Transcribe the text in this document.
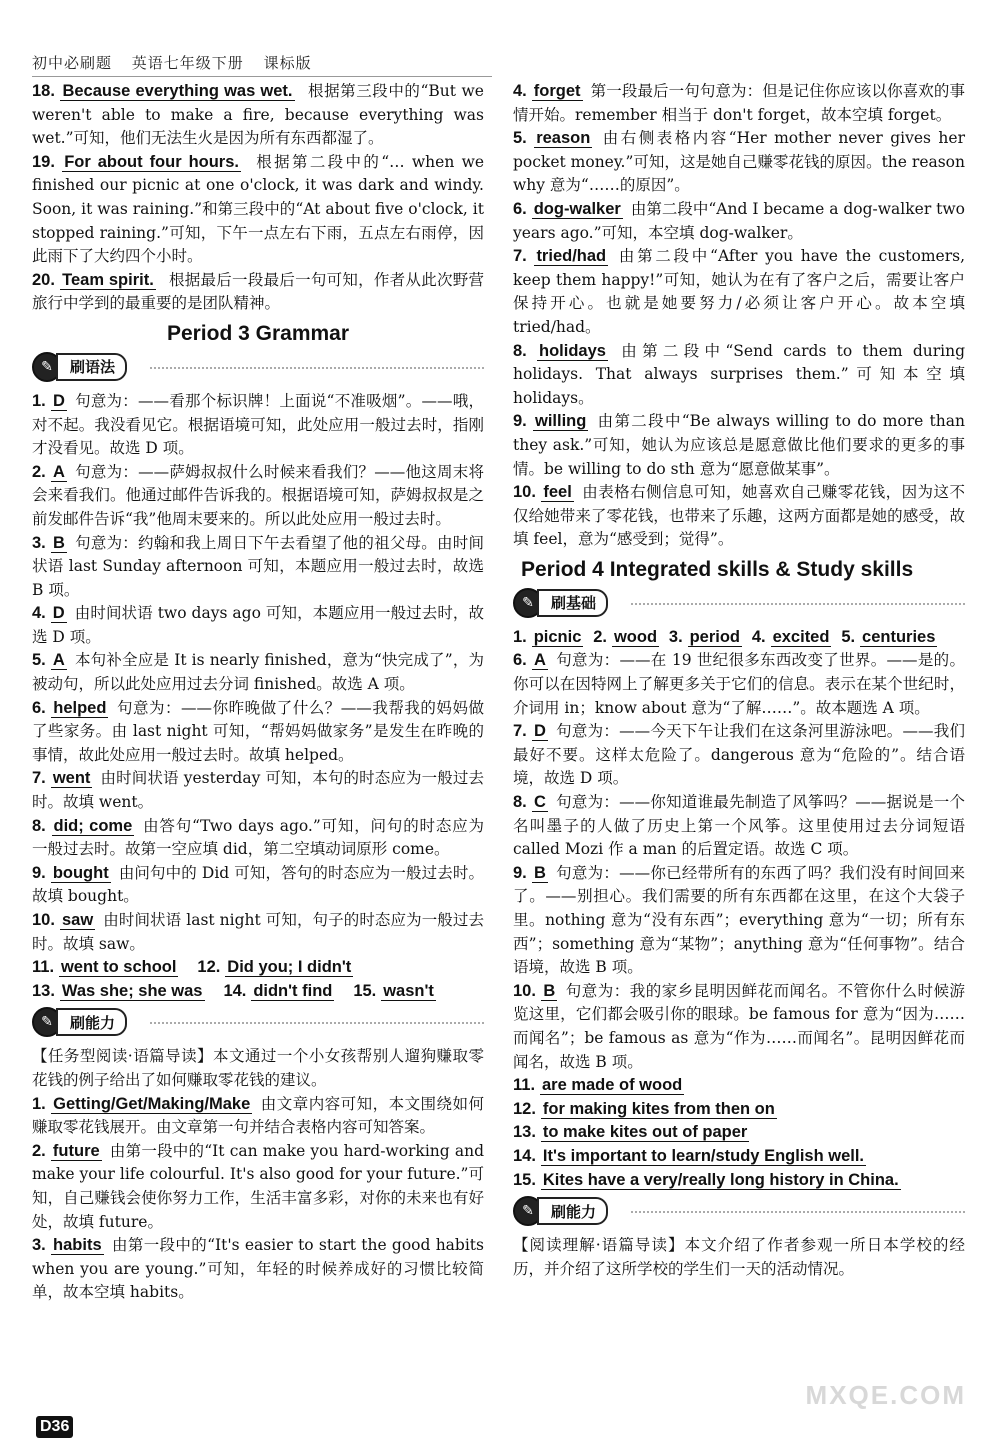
初中必刷题 英语七年级下册 课标版
18. Because everything was wet. 根据第三段中的“But we weren't able to make a fire, because everything was wet.”可知，他们无法生火是因为所有东西都湿了。
19. For about four hours. 根据第二段中的“… when we finished our picnic at one o'clock, it was dark and windy. Soon, it was raining.”和第三段中的“At about five o'clock, it stopped raining.”可知，下午一点左右下雨，五点左右雨停，因此雨下了大约四个小时。
20. Team spirit. 根据最后一段最后一句可知，作者从此次野营旅行中学到的最重要的是团队精神。
Period 3 Grammar
✎	刷语法
1. D 句意为：——看那个标识牌！上面说“不准吸烟”。——哦，对不起。我没看见它。根据语境可知，此处应用一般过去时，指刚才没看见。故选 D 项。
2. A 句意为：——萨姆叔叔什么时候来看我们？——他这周末将会来看我们。他通过邮件告诉我的。根据语境可知，萨姆叔叔是之前发邮件告诉“我”他周末要来的。所以此处应用一般过去时。
3. B 句意为：约翰和我上周日下午去看望了他的祖父母。由时间状语 last Sunday afternoon 可知，本题应用一般过去时，故选 B 项。
4. D 由时间状语 two days ago 可知，本题应用一般过去时，故选 D 项。
5. A 本句补全应是 It is nearly finished，意为“快完成了”，为被动句，所以此处应用过去分词 finished。故选 A 项。
6. helped 句意为：——你昨晚做了什么？——我帮我的妈妈做了些家务。由 last night 可知，“帮妈妈做家务”是发生在昨晚的事情，故此处应用一般过去时。故填 helped。
7. went 由时间状语 yesterday 可知，本句的时态应为一般过去时。故填 went。
8. did; come 由答句“Two days ago.”可知，问句的时态应为一般过去时。故第一空应填 did，第二空填动词原形 come。
9. bought 由问句中的 Did 可知，答句的时态应为一般过去时。故填 bought。
10. saw 由时间状语 last night 可知，句子的时态应为一般过去时。故填 saw。
11. went to school 12. Did you; I didn't
13. Was she; she was 14. didn't find 15. wasn't
✎	刷能力
【任务型阅读·语篇导读】本文通过一个小女孩帮别人遛狗赚取零花钱的例子给出了如何赚取零花钱的建议。
1. Getting/Get/Making/Make 由文章内容可知，本文围绕如何赚取零花钱展开。由文章第一句并结合表格内容可知答案。
2. future 由第一段中的“It can make you hard-working and make your life colourful. It's also good for your future.”可知，自己赚钱会使你努力工作，生活丰富多彩，对你的未来也有好处，故填 future。
3. habits 由第一段中的“It's easier to start the good habits when you are young.”可知，年轻的时候养成好的习惯比较简单，故本空填 habits。
4. forget 第一段最后一句句意为：但是记住你应该以你喜欢的事情开始。remember 相当于 don't forget，故本空填 forget。
5. reason 由右侧表格内容“Her mother never gives her pocket money.”可知，这是她自己赚零花钱的原因。the reason why 意为“……的原因”。
6. dog-walker 由第二段中“And I became a dog-walker two years ago.”可知，本空填 dog-walker。
7. tried/had 由第二段中“After you have the customers, keep them happy!”可知，她认为在有了客户之后，需要让客户保持开心。也就是她要努力/必须让客户开心。故本空填 tried/had。
8. holidays 由第二段中“Send cards to them during holidays. That always surprises them.”可知本空填 holidays。
9. willing 由第二段中“Be always willing to do more than they ask.”可知，她认为应该总是愿意做比他们要求的更多的事情。be willing to do sth 意为“愿意做某事”。
10. feel 由表格右侧信息可知，她喜欢自己赚零花钱，因为这不仅给她带来了零花钱，也带来了乐趣，这两方面都是她的感受，故填 feel，意为“感受到；觉得”。
Period 4 Integrated skills & Study skills
✎	刷基础
1. picnic 2. wood 3. period 4. excited 5. centuries
6. A 句意为：——在 19 世纪很多东西改变了世界。——是的。你可以在因特网上了解更多关于它们的信息。表示在某个世纪时，介词用 in；know about 意为“了解……”。故本题选 A 项。
7. D 句意为：——今天下午让我们在这条河里游泳吧。——我们最好不要。这样太危险了。dangerous 意为“危险的”。结合语境，故选 D 项。
8. C 句意为：——你知道谁最先制造了风筝吗？——据说是一个名叫墨子的人做了历史上第一个风筝。这里使用过去分词短语 called Mozi 作 a man 的后置定语。故选 C 项。
9. B 句意为：——你已经带所有的东西了吗？我们没有时间回来了。——别担心。我们需要的所有东西都在这里，在这个大袋子里。nothing 意为“没有东西”；everything 意为“一切；所有东西”；something 意为“某物”；anything 意为“任何事物”。结合语境，故选 B 项。
10. B 句意为：我的家乡昆明因鲜花而闻名。不管你什么时候游览这里，它们都会吸引你的眼球。be famous for 意为“因为……而闻名”；be famous as 意为“作为……而闻名”。昆明因鲜花而闻名，故选 B 项。
11. are made of wood
12. for making kites from then on
13. to make kites out of paper
14. It's important to learn/study English well.
15. Kites have a very/really long history in China.
✎	刷能力
【阅读理解·语篇导读】本文介绍了作者参观一所日本学校的经历，并介绍了这所学校的学生们一天的活动情况。
D36
MXQE.COM
